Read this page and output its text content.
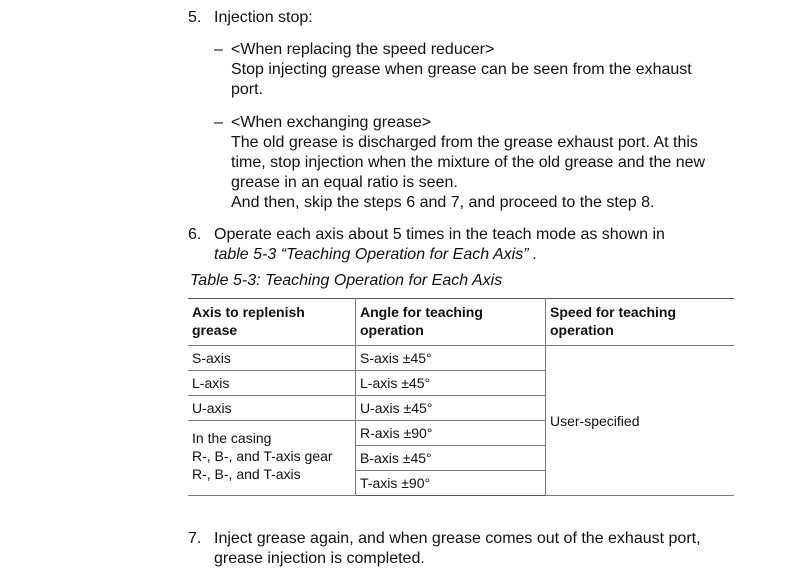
5. Injection stop:
– <When replacing the speed reducer>
Stop injecting grease when grease can be seen from the exhaust
port.
– <When exchanging grease>
The old grease is discharged from the grease exhaust port. At this
time, stop injection when the mixture of the old grease and the new
grease in an equal ratio is seen.
And then, skip the steps 6 and 7, and proceed to the step 8.
6. Operate each axis about 5 times in the teach mode as shown in
table 5-3 “Teaching Operation for Each Axis” .
Table 5-3: Teaching Operation for Each Axis
Axis to replenish grease	Angle for teaching operation	Speed for teaching operation
S-axis	S-axis ±45°	User-specified
L-axis	L-axis ±45°	
U-axis	U-axis ±45°	

In the casing
R-, B-, and T-axis gear
R-, B-, and T-axis	R-axis ±90°	
	B-axis ±45°	
	T-axis ±90°	
7. Inject grease again, and when grease comes out of the exhaust port,
grease injection is completed.
